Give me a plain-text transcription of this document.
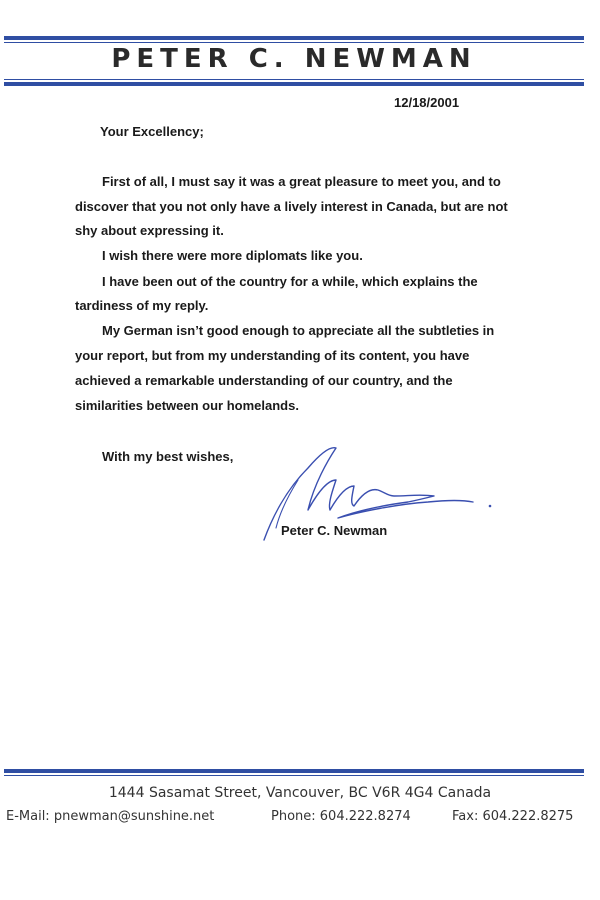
PETER C. NEWMAN
12/18/2001
Your Excellency;
First of all, I must say it was a great pleasure to meet you, and to
discover that you not only have a lively interest in Canada, but are not
shy about expressing it.
I wish there were more diplomats like you.
I have been out of the country for a while, which explains the
tardiness of my reply.
My German isn’t good enough to appreciate all the subtleties in
your report, but from my understanding of its content, you have
achieved a remarkable understanding of our country, and the
similarities between our homelands.
With my best wishes,
Peter C. Newman
1444 Sasamat Street, Vancouver, BC V6R 4G4 Canada
E-Mail: pnewman@sunshine.net	Phone: 604.222.8274	Fax: 604.222.8275
